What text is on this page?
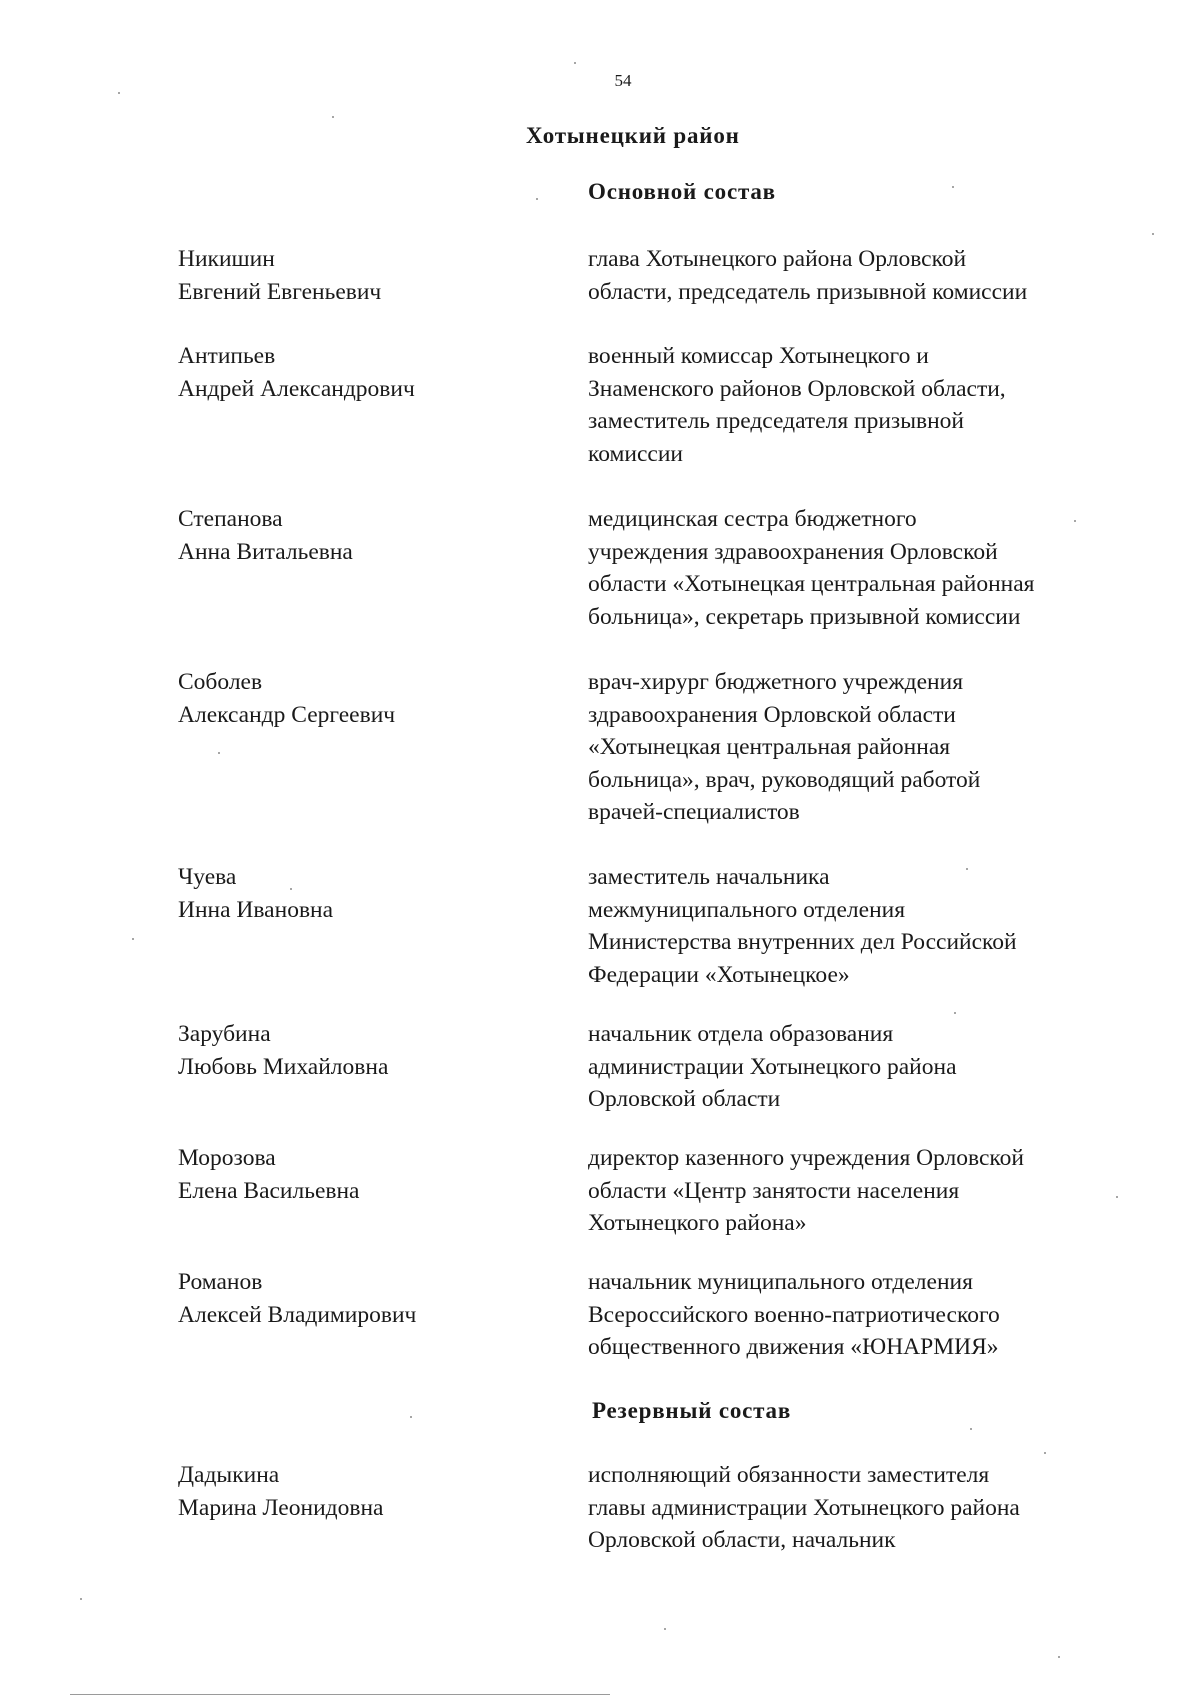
54
Хотынецкий район
Основной состав
Никишин
Евгений Евгеньевич
глава Хотынецкого района Орловской
области, председатель призывной комиссии
Антипьев
Андрей Александрович
военный комиссар Хотынецкого и
Знаменского районов Орловской области,
заместитель председателя призывной
комиссии
Степанова
Анна Витальевна
медицинская сестра бюджетного
учреждения здравоохранения Орловской
области «Хотынецкая центральная районная
больница», секретарь призывной комиссии
Соболев
Александр Сергеевич
врач-хирург бюджетного учреждения
здравоохранения Орловской области
«Хотынецкая центральная районная
больница», врач, руководящий работой
врачей-специалистов
Чуева
Инна Ивановна
заместитель начальника
межмуниципального отделения
Министерства внутренних дел Российской
Федерации «Хотынецкое»
Зарубина
Любовь Михайловна
начальник отдела образования
администрации Хотынецкого района
Орловской области
Морозова
Елена Васильевна
директор казенного учреждения Орловской
области «Центр занятости населения
Хотынецкого района»
Романов
Алексей Владимирович
начальник муниципального отделения
Всероссийского военно-патриотического
общественного движения «ЮНАРМИЯ»
Резервный состав
Дадыкина
Марина Леонидовна
исполняющий обязанности заместителя
главы администрации Хотынецкого района
Орловской области, начальник
